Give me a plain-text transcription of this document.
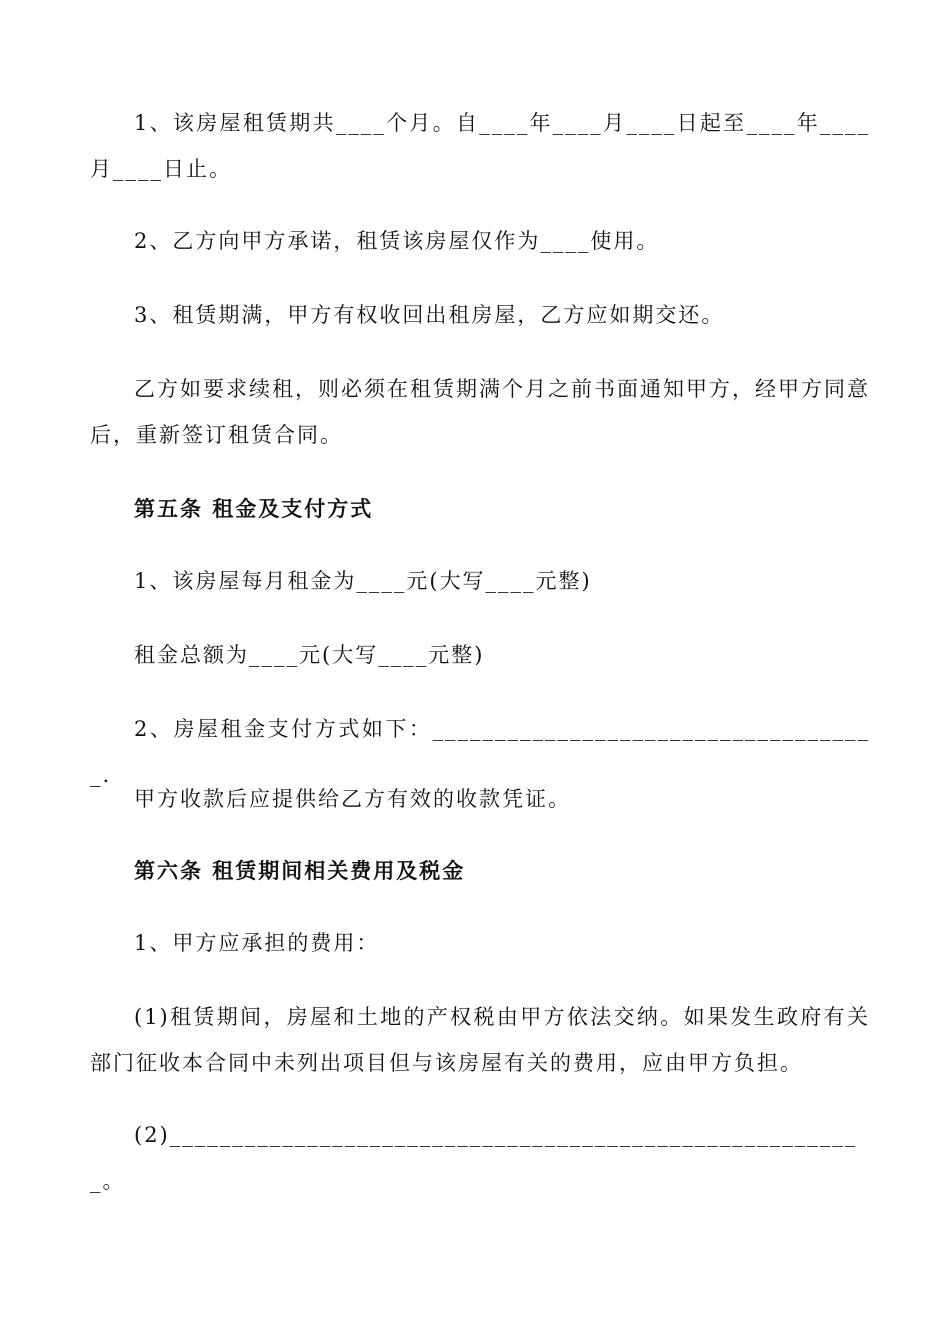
1、该房屋租赁期共____个月。自____年____月____日起至____年____月____日止。
2、乙方向甲方承诺，租赁该房屋仅作为____使用。
3、租赁期满，甲方有权收回出租房屋，乙方应如期交还。
乙方如要求续租，则必须在租赁期满个月之前书面通知甲方，经甲方同意后，重新签订租赁合同。
第五条 租金及支付方式
1、该房屋每月租金为____元(大写____元整)
租金总额为____元(大写____元整)
2、房屋租金支付方式如下：____________________________________.
甲方收款后应提供给乙方有效的收款凭证。
第六条 租赁期间相关费用及税金
1、甲方应承担的费用：
(1)租赁期间，房屋和土地的产权税由甲方依法交纳。如果发生政府有关部门征收本合同中未列出项目但与该房屋有关的费用，应由甲方负担。
(2)________________________________________________________。
